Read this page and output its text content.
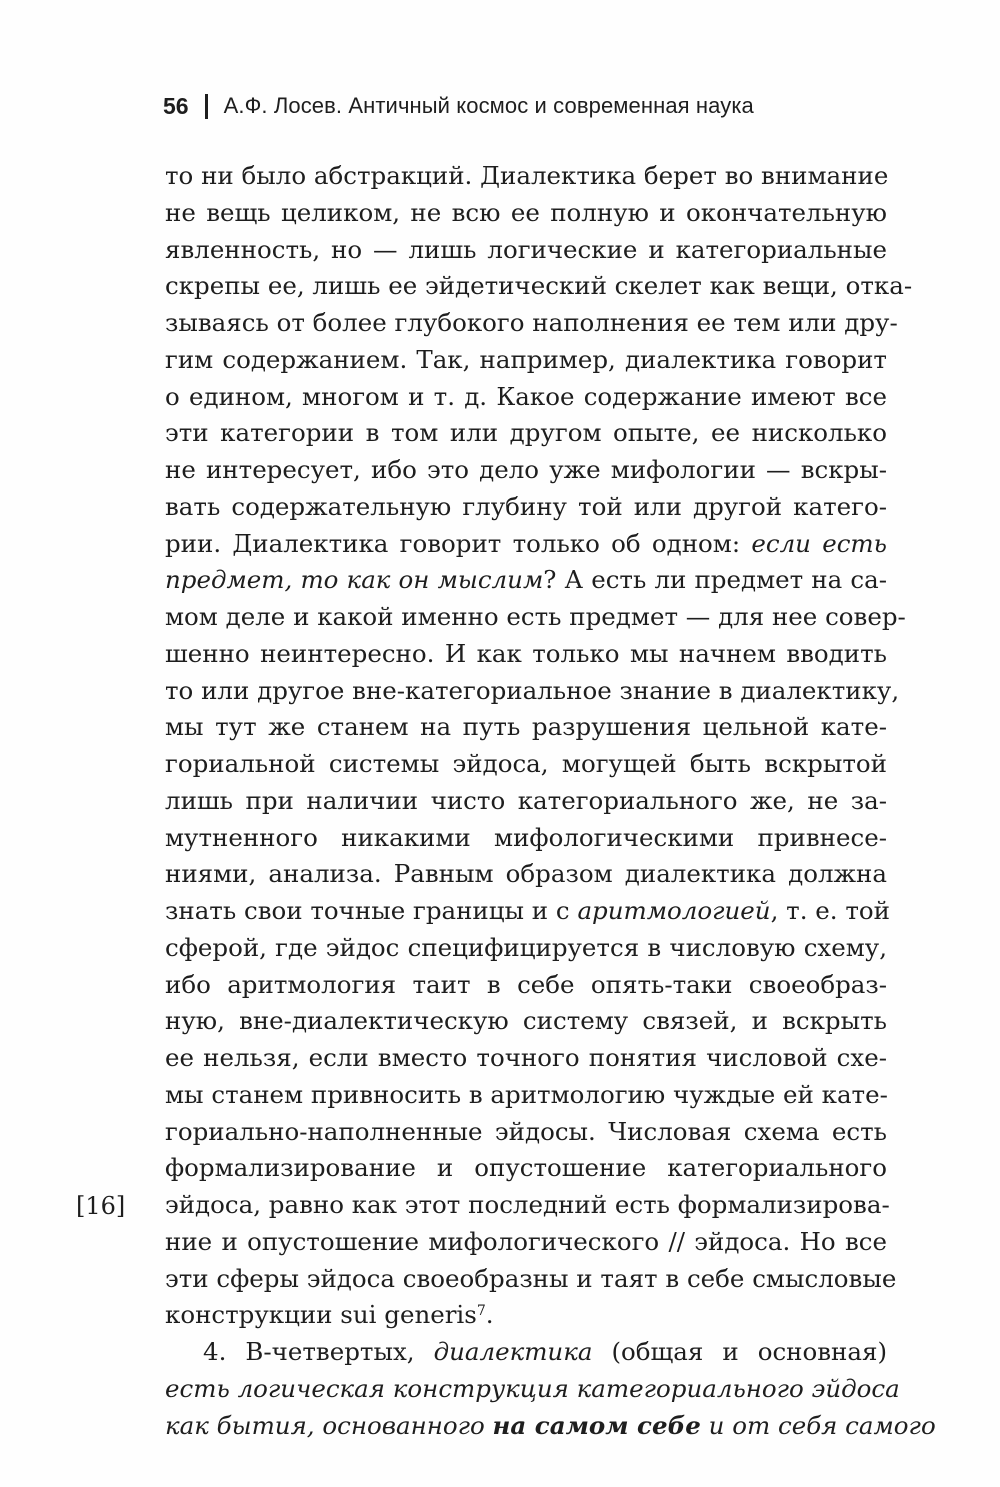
56 А.Ф. Лосев. Античный космос и современная наука
[16]
то ни было абстракций. Диалектика берет во внимание
не вещь целиком, не всю ее полную и окончательную
явленность, но — лишь логические и категориальные
скрепы ее, лишь ее эйдетический скелет как вещи, отка-
зываясь от более глубокого наполнения ее тем или дру-
гим содержанием. Так, например, диалектика говорит
о едином, многом и т. д. Какое содержание имеют все
эти категории в том или другом опыте, ее нисколько
не интересует, ибо это дело уже мифологии — вскры-
вать содержательную глубину той или другой катего-
рии. Диалектика говорит только об одном: если есть
предмет, то как он мыслим? А есть ли предмет на са-
мом деле и какой именно есть предмет — для нее совер-
шенно неинтересно. И как только мы начнем вводить
то или другое вне-категориальное знание в диалектику,
мы тут же станем на путь разрушения цельной кате-
гориальной системы эйдоса, могущей быть вскрытой
лишь при наличии чисто категориального же, не за-
мутненного никакими мифологическими привнесе-
ниями, анализа. Равным образом диалектика должна
знать свои точные границы и с аритмологией, т. е. той
сферой, где эйдос специфицируется в числовую схему,
ибо аритмология таит в себе опять-таки своеобраз-
ную, вне-диалектическую систему связей, и вскрыть
ее нельзя, если вместо точного понятия числовой схе-
мы станем привносить в аритмологию чуждые ей кате-
гориально-наполненные эйдосы. Числовая схема есть
формализирование и опустошение категориального
эйдоса, равно как этот последний есть формализирова-
ние и опустошение мифологического // эйдоса. Но все
эти сферы эйдоса своеобразны и таят в себе смысловые
конструкции sui generis$^7$.
4. В-четвертых, диалектика (общая и основная)
есть логическая конструкция категориального эйдоса
как бытия, основанного на самом себе и от себя самого
